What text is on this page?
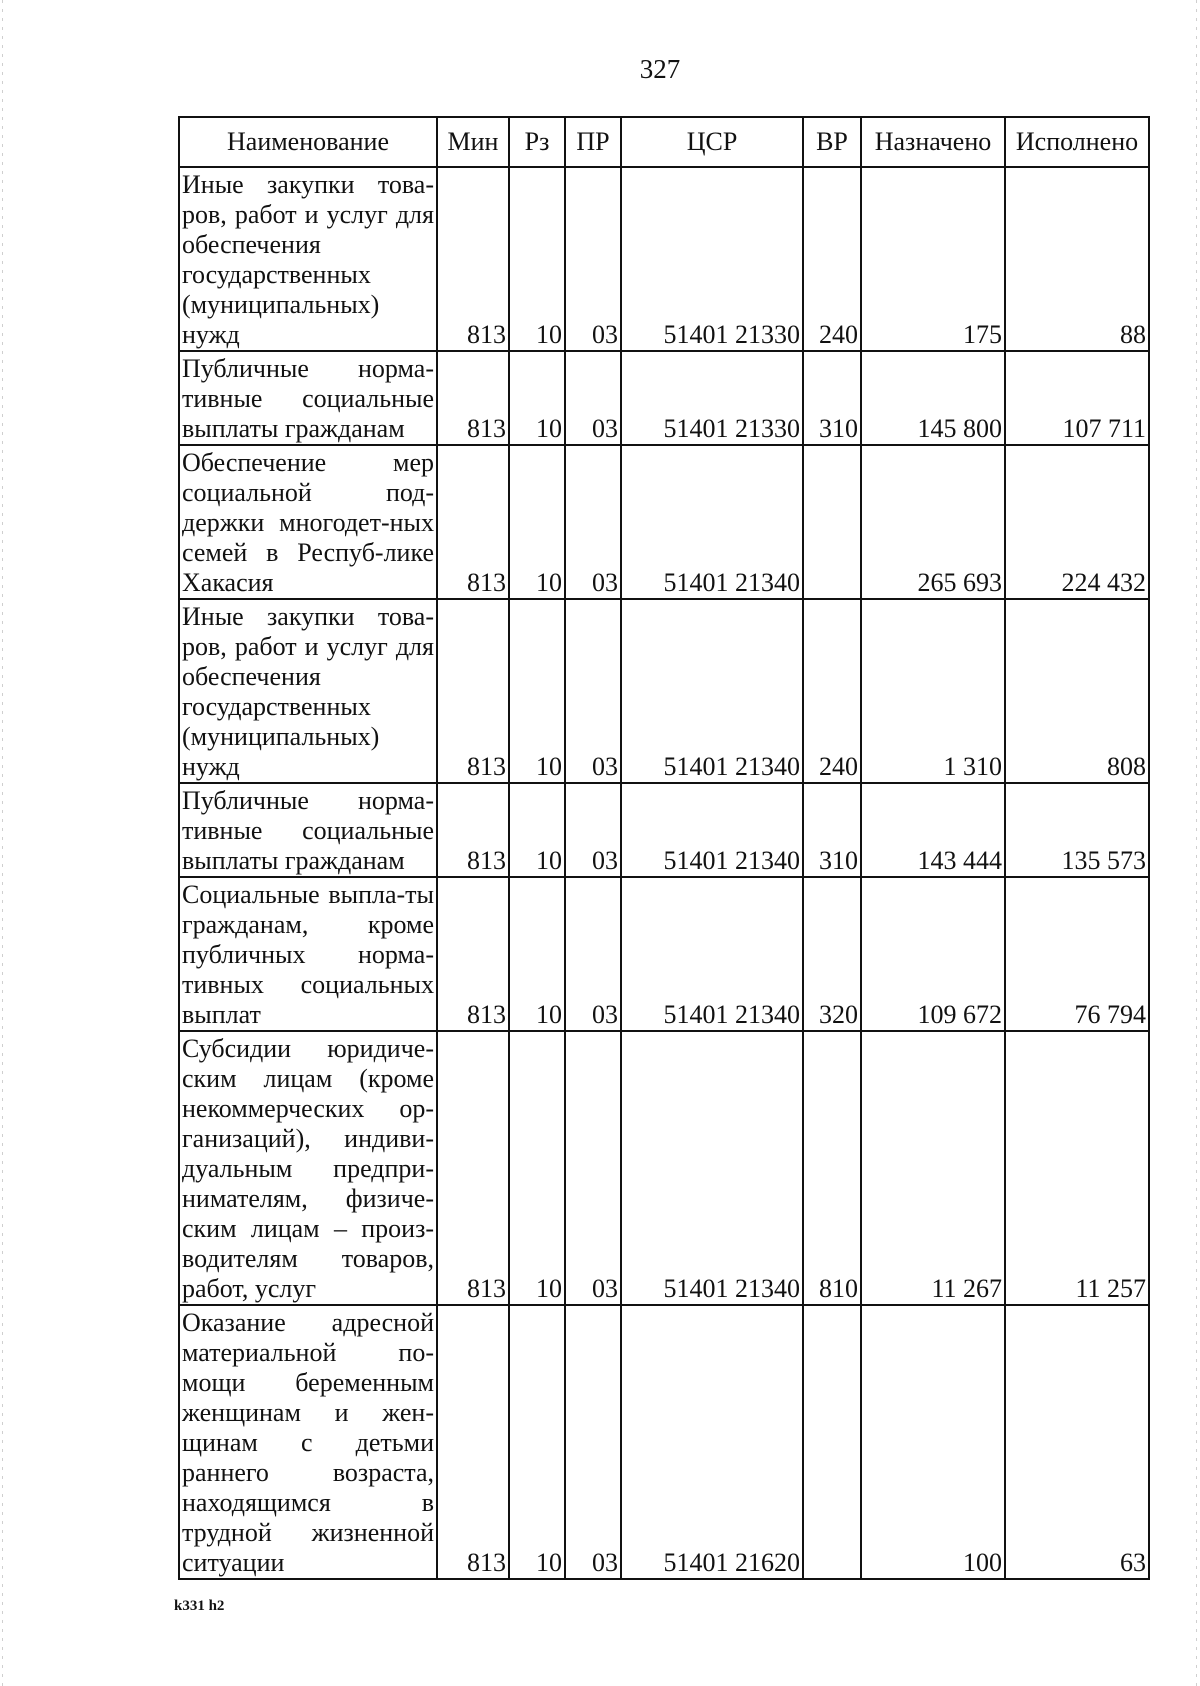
327
Наименование	Мин	Рз	ПР	ЦСР	ВР	Назначено	Исполнено
Иные закупки това-ров, работ и услуг для обеспечения государственных (муниципальных) нужд	813	10	03	51401 21330	240	175	88
Публичные норма-тивные социальные выплаты гражданам	813	10	03	51401 21330	310	145 800	107 711
Обеспечение мер социальной под-держки многодет-ных семей в Респуб-лике Хакасия	813	10	03	51401 21340		265 693	224 432
Иные закупки това-ров, работ и услуг для обеспечения государственных (муниципальных) нужд	813	10	03	51401 21340	240	1 310	808
Публичные норма-тивные социальные выплаты гражданам	813	10	03	51401 21340	310	143 444	135 573
Социальные выпла-ты гражданам, кроме публичных норма-тивных социальных выплат	813	10	03	51401 21340	320	109 672	76 794
Субсидии юридиче-ским лицам (кроме некоммерческих ор-ганизаций), индиви-дуальным предпри-нимателям, физиче-ским лицам – произ-водителям товаров, работ, услуг	813	10	03	51401 21340	810	11 267	11 257
Оказание адресной материальной по-мощи беременным женщинам и жен-щинам с детьми раннего возраста, находящимся в трудной жизненной ситуации	813	10	03	51401 21620		100	63
k331 h2
